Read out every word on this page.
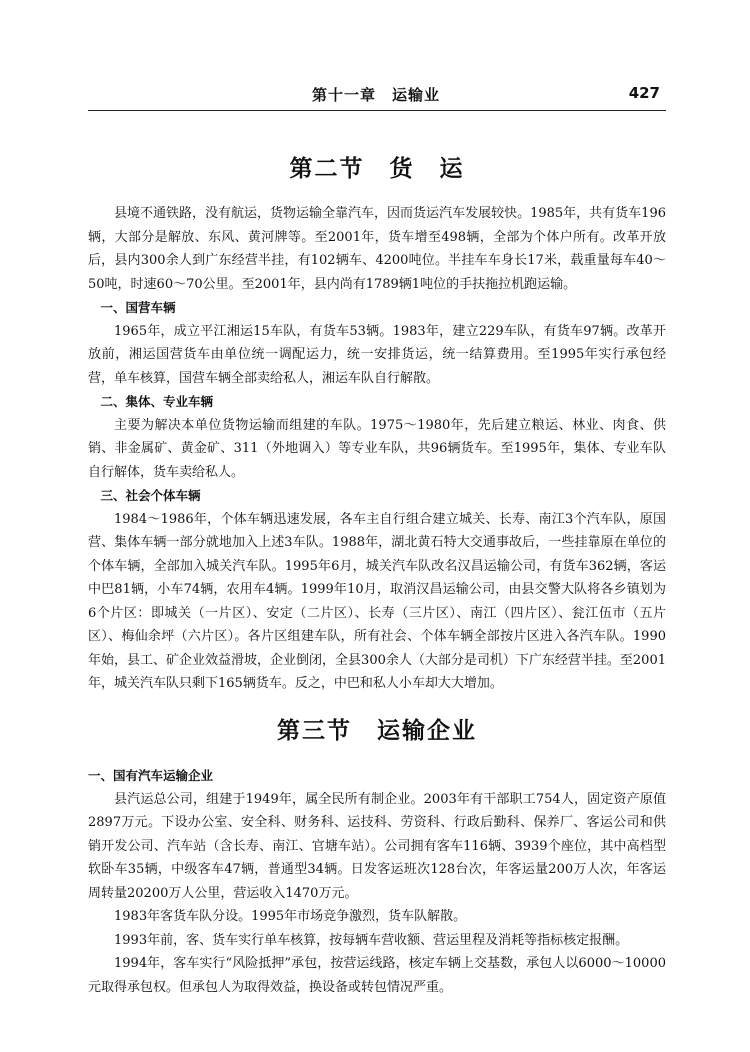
第十一章　运输业	427
第二节　货　运

县境不通铁路，没有航运，货物运输全靠汽车，因而货运汽车发展较快。1985年，共有货车196辆，大部分是解放、东风、黄河牌等。至2001年，货车增至498辆，全部为个体户所有。改革开放后，县内300余人到广东经营半挂，有102辆车、4200吨位。半挂车车身长17米，载重量每车40～50吨，时速60～70公里。至2001年，县内尚有1789辆1吨位的手扶拖拉机跑运输。

一、国营车辆

1965年，成立平江湘运15车队，有货车53辆。1983年，建立229车队，有货车97辆。改革开放前，湘运国营货车由单位统一调配运力，统一安排货运，统一结算费用。至1995年实行承包经营，单车核算，国营车辆全部卖给私人，湘运车队自行解散。

二、集体、专业车辆

主要为解决本单位货物运输而组建的车队。1975～1980年，先后建立粮运、林业、肉食、供销、非金属矿、黄金矿、311（外地调入）等专业车队，共96辆货车。至1995年，集体、专业车队自行解体，货车卖给私人。

三、社会个体车辆

1984～1986年，个体车辆迅速发展，各车主自行组合建立城关、长寿、南江3个汽车队，原国营、集体车辆一部分就地加入上述3车队。1988年，湖北黄石特大交通事故后，一些挂靠原在单位的个体车辆，全部加入城关汽车队。1995年6月，城关汽车队改名汉昌运输公司，有货车362辆，客运中巴81辆，小车74辆，农用车4辆。1999年10月，取消汉昌运输公司，由县交警大队将各乡镇划为6个片区：即城关（一片区）、安定（二片区）、长寿（三片区）、南江（四片区）、瓮江伍市（五片区）、梅仙余坪（六片区）。各片区组建车队，所有社会、个体车辆全部按片区进入各汽车队。1990年始，县工、矿企业效益滑坡，企业倒闭，全县300余人（大部分是司机）下广东经营半挂。至2001年，城关汽车队只剩下165辆货车。反之，中巴和私人小车却大大增加。

第三节　运输企业

一、国有汽车运输企业

县汽运总公司，组建于1949年，属全民所有制企业。2003年有干部职工754人，固定资产原值2897万元。下设办公室、安全科、财务科、运技科、劳资科、行政后勤科、保养厂、客运公司和供销开发公司、汽车站（含长寿、南江、官塘车站）。公司拥有客车116辆、3939个座位，其中高档型软卧车35辆，中级客车47辆，普通型34辆。日发客运班次128台次，年客运量200万人次，年客运周转量20200万人公里，营运收入1470万元。

1983年客货车队分设。1995年市场竞争激烈，货车队解散。

1993年前，客、货车实行单车核算，按每辆车营收额、营运里程及消耗等指标核定报酬。

1994年，客车实行“风险抵押”承包，按营运线路，核定车辆上交基数，承包人以6000～10000元取得承包权。但承包人为取得效益，换设备或转包情况严重。
